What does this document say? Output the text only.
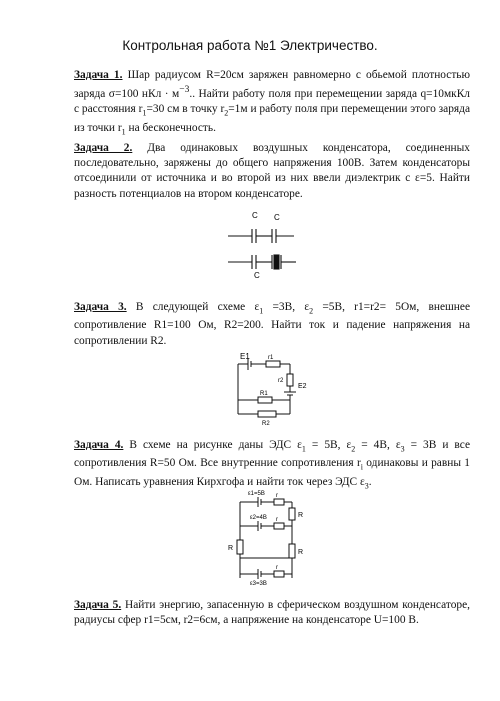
Контрольная работа №1 Электричество.
Задача 1. Шар радиусом R=20см заряжен равномерно с обьемой плотностью заряда σ=100 нКл · $м^{-3}$.. Найти работу поля при перемещении заряда q=10мкКл с расстояния $r_1=30$ см в точку $r_2=1м$ и работу поля при перемещении этого заряда из точки $r_1$ на бесконечность.
Задача 2. Два одинаковых воздушных конденсатора, соединенных последовательно, заряжены до общего напряжения 100В. Затем конденсаторы отсоединили от источника и во второй из них ввели диэлектрик с ε=5. Найти разность потенциалов на втором конденсаторе.
C C
C
Задача 3. В следующей схеме $\varepsilon_1 =3В$, $\varepsilon_2 =5В$, r1=r2= 5Ом, внешнее сопротивление R1=100 Ом, R2=200. Найти ток и падение напряжения на сопротивлении R2.
E1	r1
r2
E2
R1
R2
Задача 4. В схеме на рисунке даны ЭДС $\varepsilon_1 = 5В$, $\varepsilon_2 = 4В$, $\varepsilon_3 = 3В$ и все сопротивления R=50 Ом. Все внутренние сопротивления $r_i$ одинаковы и равны 1 Ом. Написать уравнения Кирхгофа и найти ток через ЭДС $\varepsilon_3$.
ε1=5B
ε2=4B
ε3=3B
r
r
r
R
R
R
Задача 5. Найти энергию, запасенную в сферическом воздушном конденсаторе, радиусы сфер r1=5см, r2=6см, а напряжение на конденсаторе U=100 В.
